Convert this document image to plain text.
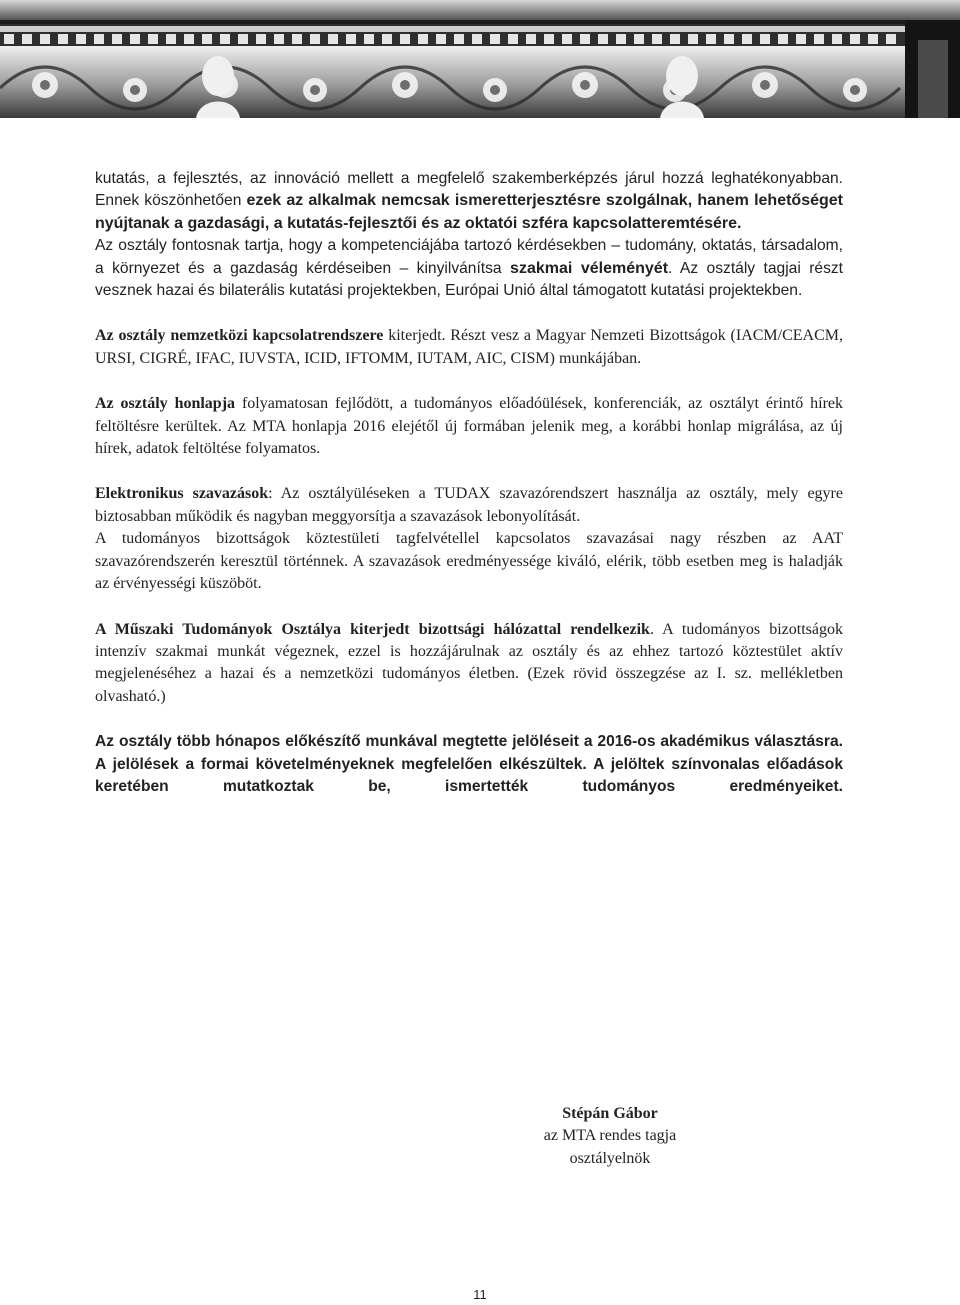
kutatás, a fejlesztés, az innováció mellett a megfelelő szakemberképzés járul hozzá leghatékonyabban. Ennek köszönhetően ezek az alkalmak nemcsak ismeretterjesztésre szolgálnak, hanem lehetőséget nyújtanak a gazdasági, a kutatás-fejlesztői és az oktatói szféra kapcsolatteremtésére.
Az osztály fontosnak tartja, hogy a kompetenciájába tartozó kérdésekben – tudomány, oktatás, társadalom, a környezet és a gazdaság kérdéseiben – kinyilvánítsa szakmai véleményét. Az osztály tagjai részt vesznek hazai és bilaterális kutatási projektekben, Európai Unió által támogatott kutatási projektekben.

Az osztály nemzetközi kapcsolatrendszere kiterjedt. Részt vesz a Magyar Nemzeti Bizottságok (IACM/CEACM, URSI, CIGRÉ, IFAC, IUVSTA, ICID, IFTOMM, IUTAM, AIC, CISM) munkájában.

Az osztály honlapja folyamatosan fejlődött, a tudományos előadóülések, konferenciák, az osztályt érintő hírek feltöltésre kerültek. Az MTA honlapja 2016 elejétől új formában jelenik meg, a korábbi honlap migrálása, az új hírek, adatok feltöltése folyamatos.

Elektronikus szavazások: Az osztályüléseken a TUDAX szavazórendszert használja az osztály, mely egyre biztosabban működik és nagyban meggyorsítja a szavazások lebonyolítását.
A tudományos bizottságok köztestületi tagfelvétellel kapcsolatos szavazásai nagy részben az AAT szavazórendszerén keresztül történnek. A szavazások eredményessége kiváló, elérik, több esetben meg is haladják az érvényességi küszöböt.

A Műszaki Tudományok Osztálya kiterjedt bizottsági hálózattal rendelkezik. A tudományos bizottságok intenzív szakmai munkát végeznek, ezzel is hozzájárulnak az osztály és az ehhez tartozó köztestület aktív megjelenéséhez a hazai és a nemzetközi tudományos életben. (Ezek rövid összegzése az I. sz. mellékletben olvasható.)

Az osztály több hónapos előkészítő munkával megtette jelöléseit a 2016-os akadémikus választásra. A jelölések a formai követelményeknek megfelelően elkészültek. A jelöltek színvonalas előadások keretében mutatkoztak be, ismertették tudományos eredményeiket.

Stépán Gábor
az MTA rendes tagja
osztályelnök
11
